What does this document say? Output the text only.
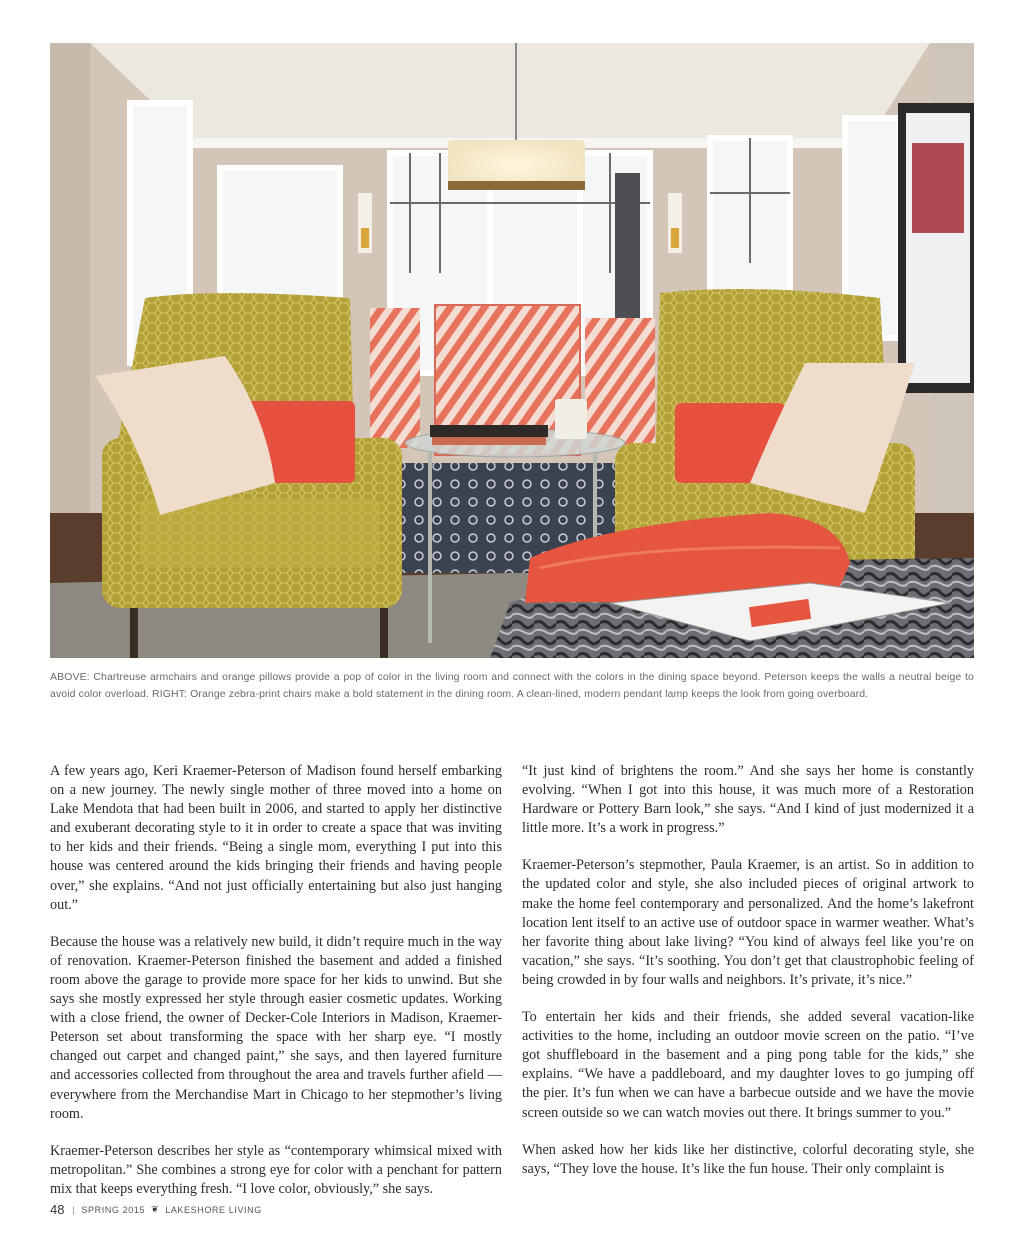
ABOVE: Chartreuse armchairs and orange pillows provide a pop of color in the living room and connect with the colors in the dining space beyond. Peterson keeps the walls a neutral beige to avoid color overload. RIGHT: Orange zebra-print chairs make a bold statement in the dining room. A clean-lined, modern pendant lamp keeps the look from going overboard.

A few years ago, Keri Kraemer-Peterson of Madison found herself embarking on a new journey. The newly single mother of three moved into a home on Lake Mendota that had been built in 2006, and started to apply her distinctive and exuberant decorating style to it in order to create a space that was inviting to her kids and their friends. “Being a single mom, everything I put into this house was centered around the kids bringing their friends and having people over,” she explains. “And not just officially entertaining but also just hanging out.”

Because the house was a relatively new build, it didn’t require much in the way of renovation. Kraemer-Peterson finished the basement and added a finished room above the garage to provide more space for her kids to unwind. But she says she mostly expressed her style through easier cosmetic updates. Working with a close friend, the owner of Decker-Cole Interiors in Madison, Kraemer-Peterson set about transforming the space with her sharp eye. “I mostly changed out carpet and changed paint,” she says, and then layered furniture and accessories collected from throughout the area and travels further afield — everywhere from the Merchandise Mart in Chicago to her stepmother’s living room.

Kraemer-Peterson describes her style as “contemporary whimsical mixed with metropolitan.” She combines a strong eye for color with a penchant for pattern mix that keeps everything fresh. “I love color, obviously,” she says.

“It just kind of brightens the room.” And she says her home is constantly evolving. “When I got into this house, it was much more of a Restoration Hardware or Pottery Barn look,” she says. “And I kind of just modernized it a little more. It’s a work in progress.”

Kraemer-Peterson’s stepmother, Paula Kraemer, is an artist. So in addition to the updated color and style, she also included pieces of original artwork to make the home feel contemporary and personalized. And the home’s lakefront location lent itself to an active use of outdoor space in warmer weather. What’s her favorite thing about lake living? “You kind of always feel like you’re on vacation,” she says. “It’s soothing. You don’t get that claustrophobic feeling of being crowded in by four walls and neighbors. It’s private, it’s nice.”

To entertain her kids and their friends, she added several vacation-like activities to the home, including an outdoor movie screen on the patio. “I’ve got shuffleboard in the basement and a ping pong table for the kids,” she explains. “We have a paddleboard, and my daughter loves to go jumping off the pier. It’s fun when we can have a barbecue outside and we have the movie screen outside so we can watch movies out there. It brings summer to you.”

When asked how her kids like her distinctive, colorful decorating style, she says, “They love the house. It’s like the fun house. Their only complaint is

48 | SPRING 2015 ❦ LAKESHORE LIVING
